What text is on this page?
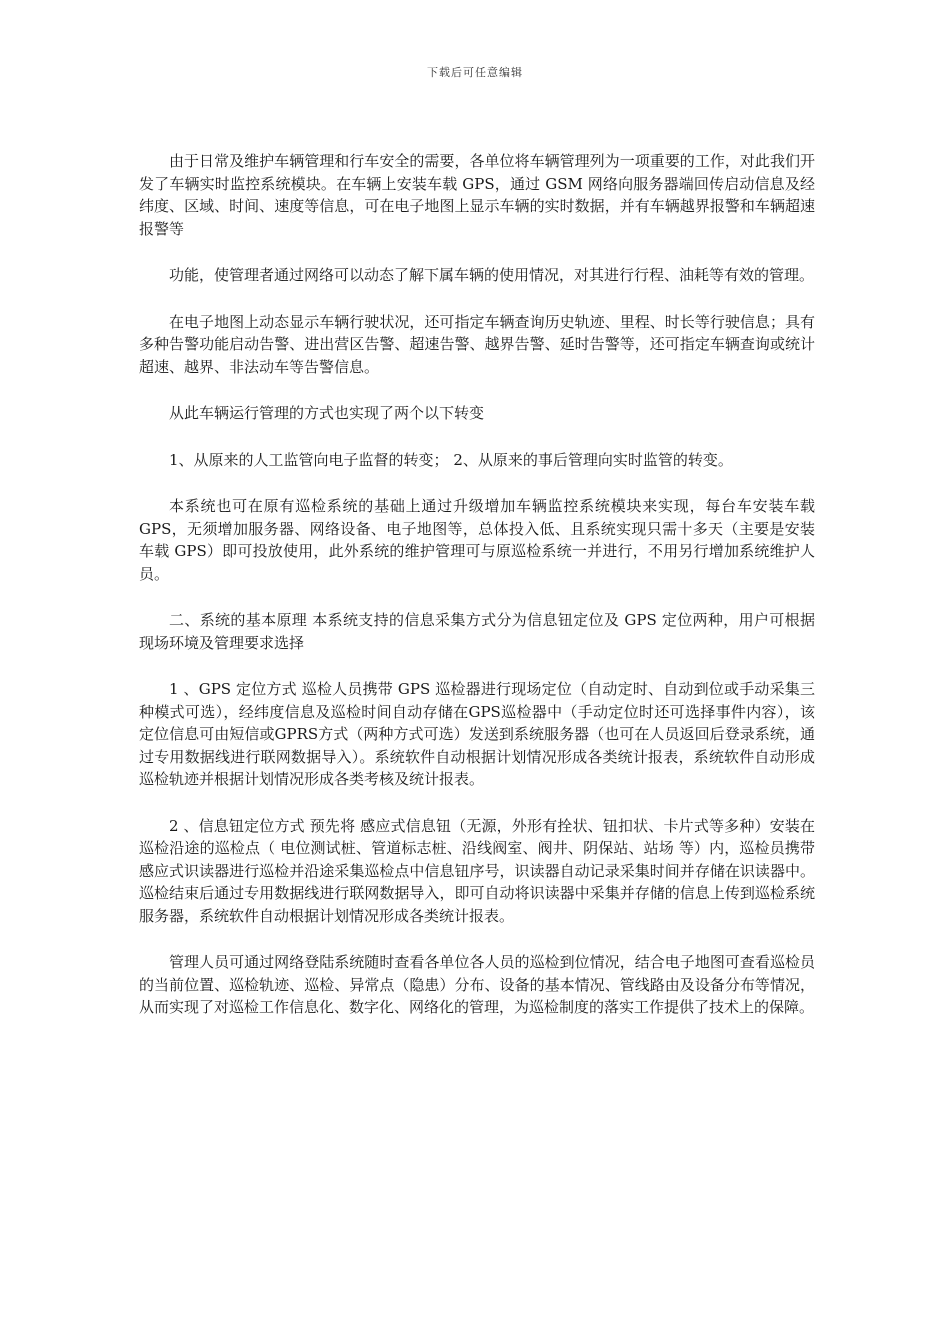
下载后可任意编辑

由于日常及维护车辆管理和行车安全的需要，各单位将车辆管理列为一项重要的工作，对此我们开发了车辆实时监控系统模块。在车辆上安装车载 GPS，通过 GSM 网络向服务器端回传启动信息及经纬度、区域、时间、速度等信息，可在电子地图上显示车辆的实时数据，并有车辆越界报警和车辆超速报警等

功能，使管理者通过网络可以动态了解下属车辆的使用情况，对其进行行程、油耗等有效的管理。

在电子地图上动态显示车辆行驶状况，还可指定车辆查询历史轨迹、里程、时长等行驶信息；具有多种告警功能启动告警、进出营区告警、超速告警、越界告警、延时告警等，还可指定车辆查询或统计超速、越界、非法动车等告警信息。

从此车辆运行管理的方式也实现了两个以下转变

1、从原来的人工监管向电子监督的转变； 2、从原来的事后管理向实时监管的转变。

本系统也可在原有巡检系统的基础上通过升级增加车辆监控系统模块来实现，每台车安装车载 GPS，无须增加服务器、网络设备、电子地图等，总体投入低、且系统实现只需十多天（主要是安装车载 GPS）即可投放使用，此外系统的维护管理可与原巡检系统一并进行，不用另行增加系统维护人员。

二、系统的基本原理 本系统支持的信息采集方式分为信息钮定位及 GPS 定位两种，用户可根据现场环境及管理要求选择

1 、GPS 定位方式 巡检人员携带 GPS 巡检器进行现场定位（自动定时、自动到位或手动采集三种模式可选），经纬度信息及巡检时间自动存储在GPS巡检器中（手动定位时还可选择事件内容），该定位信息可由短信或GPRS方式（两种方式可选）发送到系统服务器（也可在人员返回后登录系统，通过专用数据线进行联网数据导入）。系统软件自动根据计划情况形成各类统计报表，系统软件自动形成巡检轨迹并根据计划情况形成各类考核及统计报表。

2 、信息钮定位方式 预先将 感应式信息钮（无源，外形有拴状、钮扣状、卡片式等多种）安装在巡检沿途的巡检点（ 电位测试桩、管道标志桩、沿线阀室、阀井、阴保站、站场 等）内，巡检员携带 感应式识读器进行巡检并沿途采集巡检点中信息钮序号，识读器自动记录采集时间并存储在识读器中。巡检结束后通过专用数据线进行联网数据导入，即可自动将识读器中采集并存储的信息上传到巡检系统服务器，系统软件自动根据计划情况形成各类统计报表。

管理人员可通过网络登陆系统随时查看各单位各人员的巡检到位情况，结合电子地图可查看巡检员的当前位置、巡检轨迹、巡检、异常点（隐患）分布、设备的基本情况、管线路由及设备分布等情况，从而实现了对巡检工作信息化、数字化、网络化的管理，为巡检制度的落实工作提供了技术上的保障。
